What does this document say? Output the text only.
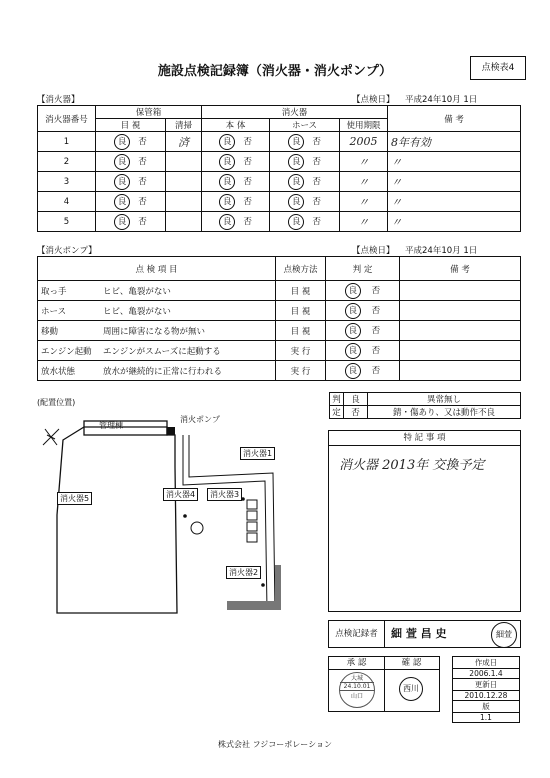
施設点検記録簿（消火器・消火ポンプ）	点検表4
【消火器】	【点検日】 平成24年10月 1日
消火器番号	保管箱		消火器			備 考
	目 視	清掃	本 体	ホース	使用期限	
1	良 否	済	良 否	良 否	2005	8年有効
2	良 否		良 否	良 否	〃	〃
3	良 否		良 否	良 否	〃	〃
4	良 否		良 否	良 否	〃	〃
5	良 否		良 否	良 否	〃	〃
【消火ポンプ】	【点検日】 平成24年10月 1日
点 検 項 目	点検方法	判 定	備 考
取っ手 ヒビ、亀裂がない	目 視	良 否	
ホース ヒビ、亀裂がない	目 視	良 否	
移動 周囲に障害になる物が無い	目 視	良 否	
エンジン起動 エンジンがスムーズに起動する	実 行	良 否	
放水状態 放水が継続的に正常に行われる	実 行	良 否	
(配置位置)
管理棟
消火ポンプ
消火器1
消火器3
消火器4
消火器5
消火器2
判	良	異常無し
定	否	錆・傷あり、又は動作不良
特 記 事 項
消火器 2013年 交換予定
点検記録者	細 萱 昌 史	細萱
承 認	確 認
大城
24.10.01
山口
西川
作成日
2006.1.4
更新日
2010.12.28
版
1.1
株式会社 フジコーポレーション
